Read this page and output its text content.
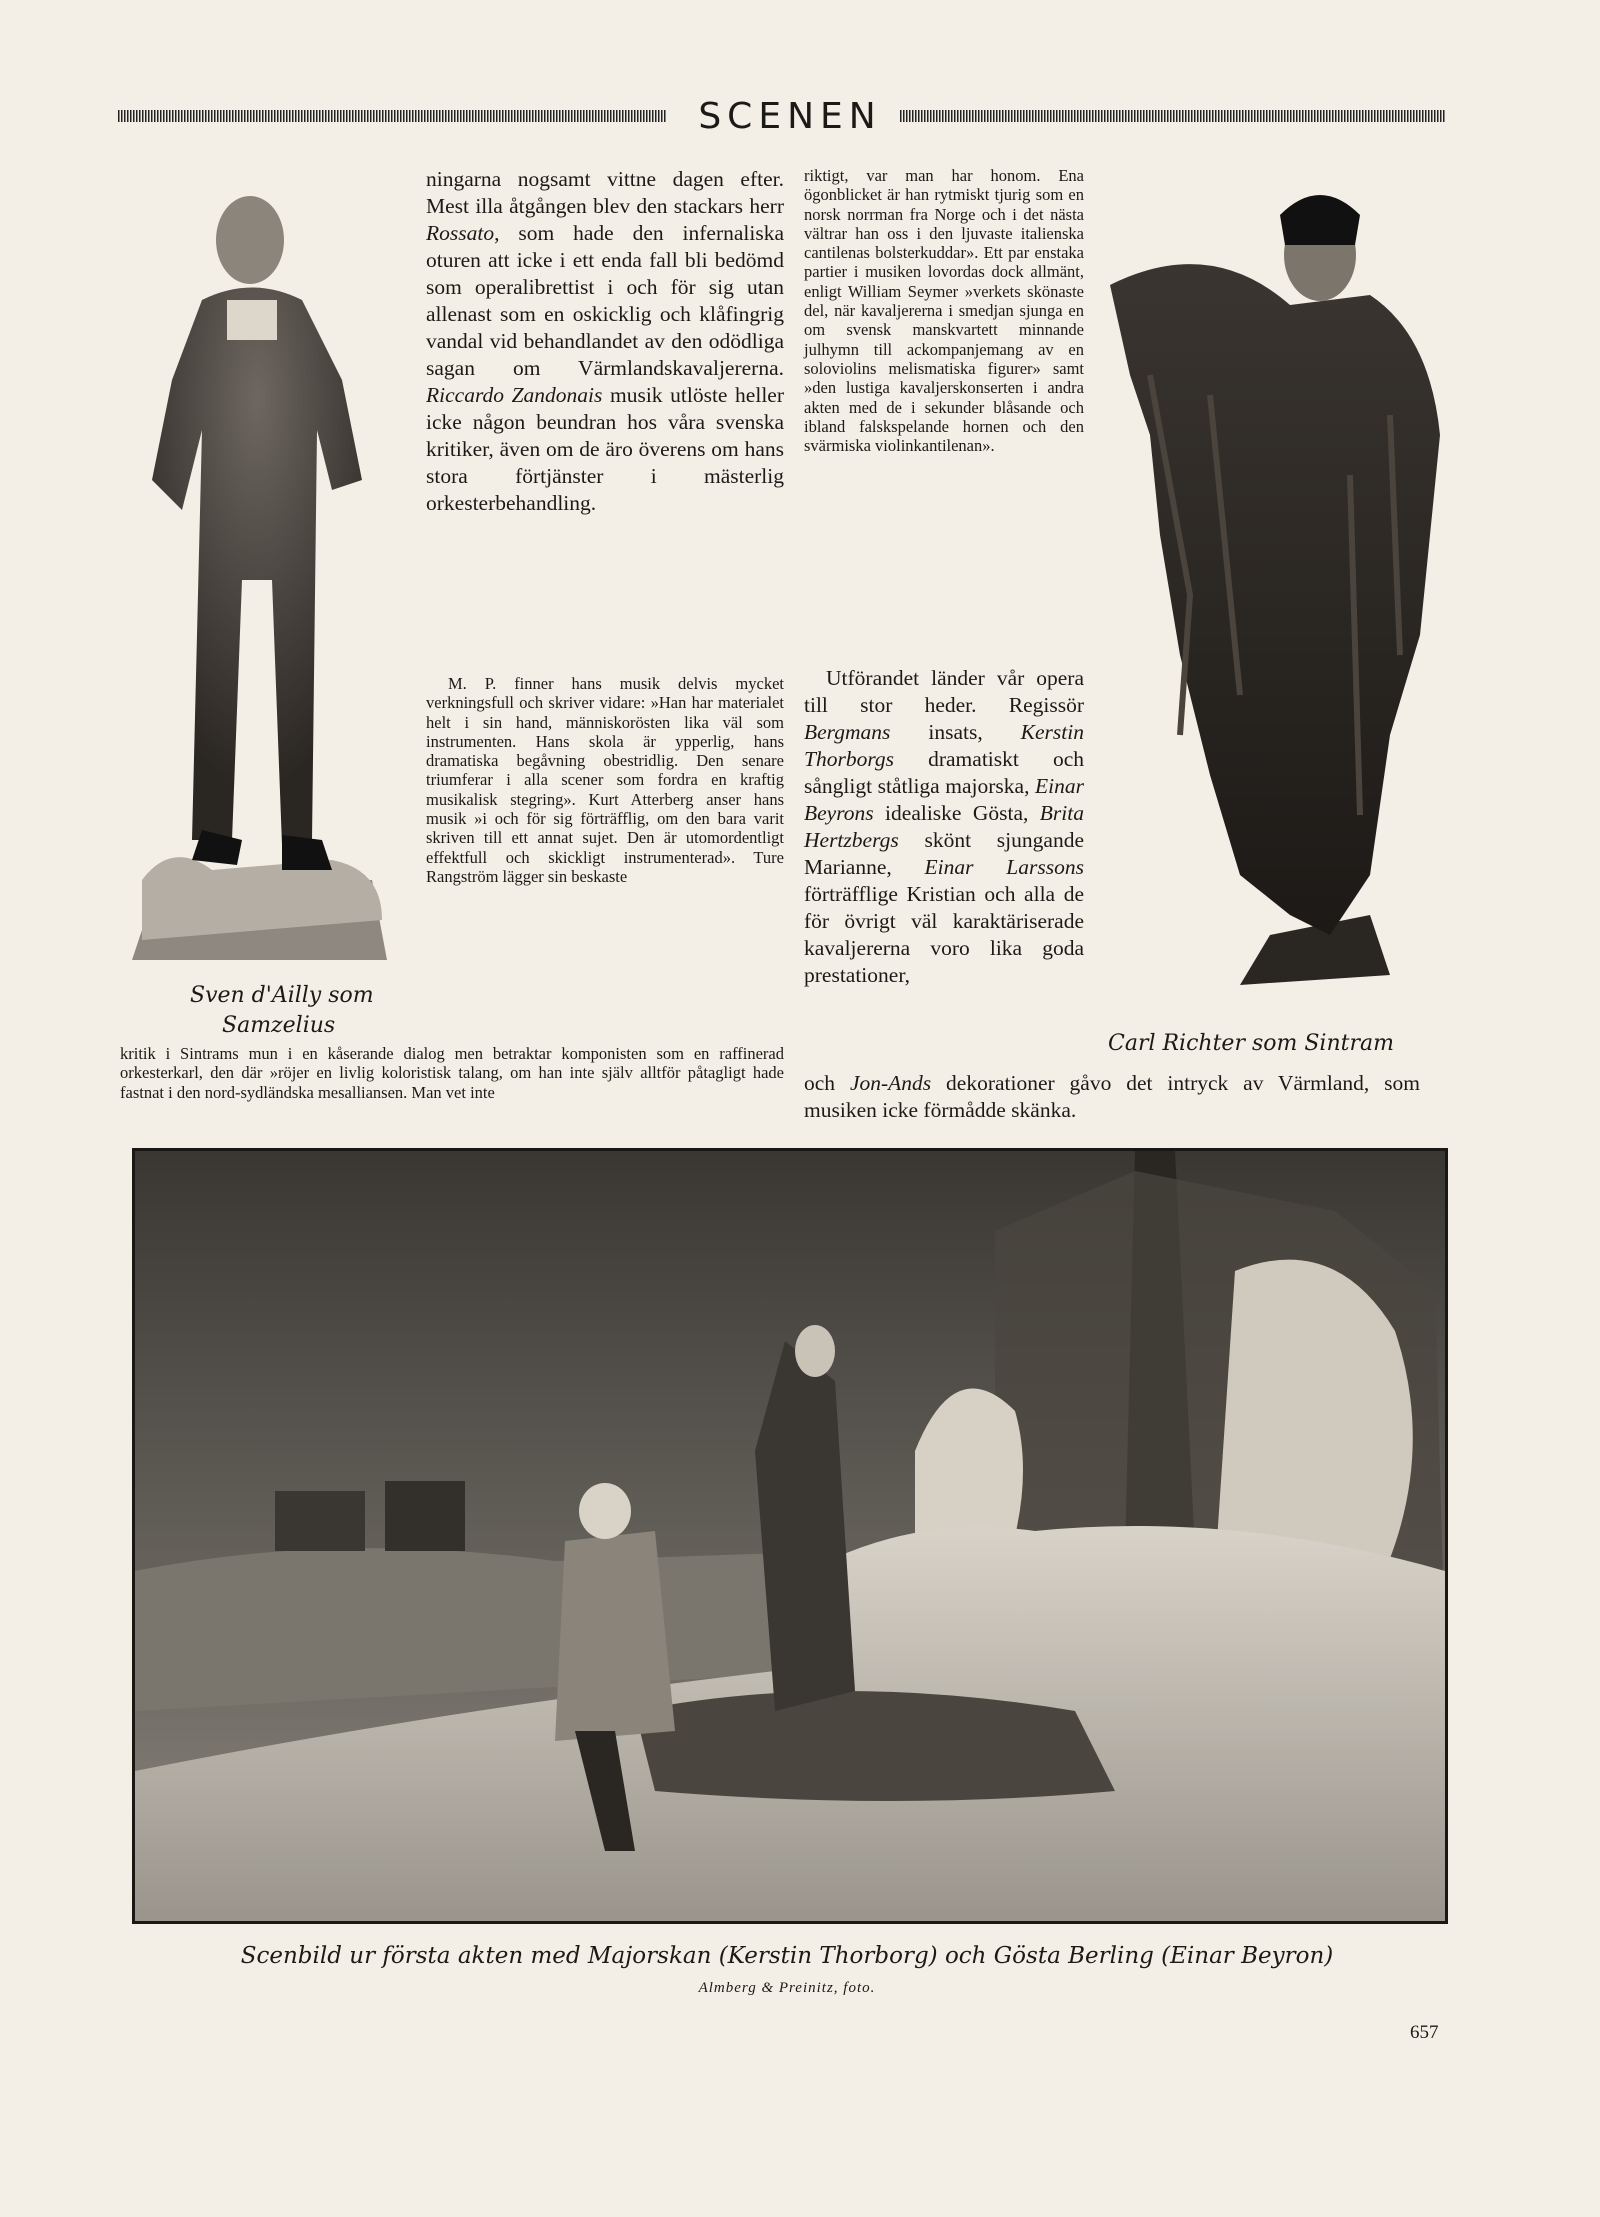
SCENEN

ningarna nogsamt vittne dagen efter. Mest illa åtgången blev den stackars herr Rossato, som hade den infernaliska oturen att icke i ett enda fall bli bedömd som operalibrettist i och för sig utan allenast som en oskicklig och klåfingrig vandal vid behandlandet av den odödliga sagan om Värmlandskavaljererna. Riccardo Zandonais musik utlöste heller icke någon beundran hos våra svenska kritiker, även om de äro överens om hans stora förtjänster i mästerlig orkesterbehandling.

M. P. finner hans musik delvis mycket verkningsfull och skriver vidare: »Han har materialet helt i sin hand, människorösten lika väl som instrumenten. Hans skola är ypperlig, hans dramatiska begåvning obestridlig. Den senare triumferar i alla scener som fordra en kraftig musikalisk stegring». Kurt Atterberg anser hans musik »i och för sig förträfflig, om den bara varit skriven till ett annat sujet. Den är utomordentligt effektfull och skickligt instrumenterad». Ture Rangström lägger sin beskaste

Sven d'Ailly som
Samzelius

kritik i Sintrams mun i en kåserande dialog men betraktar komponisten som en raffinerad orkesterkarl, den där »röjer en livlig koloristisk talang, om han inte själv alltför påtagligt hade fastnat i den nord-sydländska mesalliansen. Man vet inte

riktigt, var man har honom. Ena ögonblicket är han rytmiskt tjurig som en norsk norrman fra Norge och i det nästa vältrar han oss i den ljuvaste italienska cantilenas bolsterkuddar». Ett par enstaka partier i musiken lovordas dock allmänt, enligt William Seymer »verkets skönaste del, när kavaljererna i smedjan sjunga en om svensk manskvartett minnande julhymn till ackompanjemang av en soloviolins melismatiska figurer» samt »den lustiga kavaljerskonserten i andra akten med de i sekunder blåsande och ibland falskspelande hornen och den svärmiska violinkantilenan».

Utförandet länder vår opera till stor heder. Regissör Bergmans insats, Kerstin Thorborgs dramatiskt och sångligt ståtliga majorska, Einar Beyrons idealiske Gösta, Brita Hertzbergs skönt sjungande Marianne, Einar Larssons förträfflige Kristian och alla de för övrigt väl karaktäriserade kavaljererna voro lika goda prestationer,

Carl Richter som Sintram

och Jon-Ands dekorationer gåvo det intryck av Värmland, som musiken icke förmådde skänka.

Scenbild ur första akten med Majorskan (Kerstin Thorborg) och Gösta Berling (Einar Beyron)
Almberg & Preinitz, foto.
657
